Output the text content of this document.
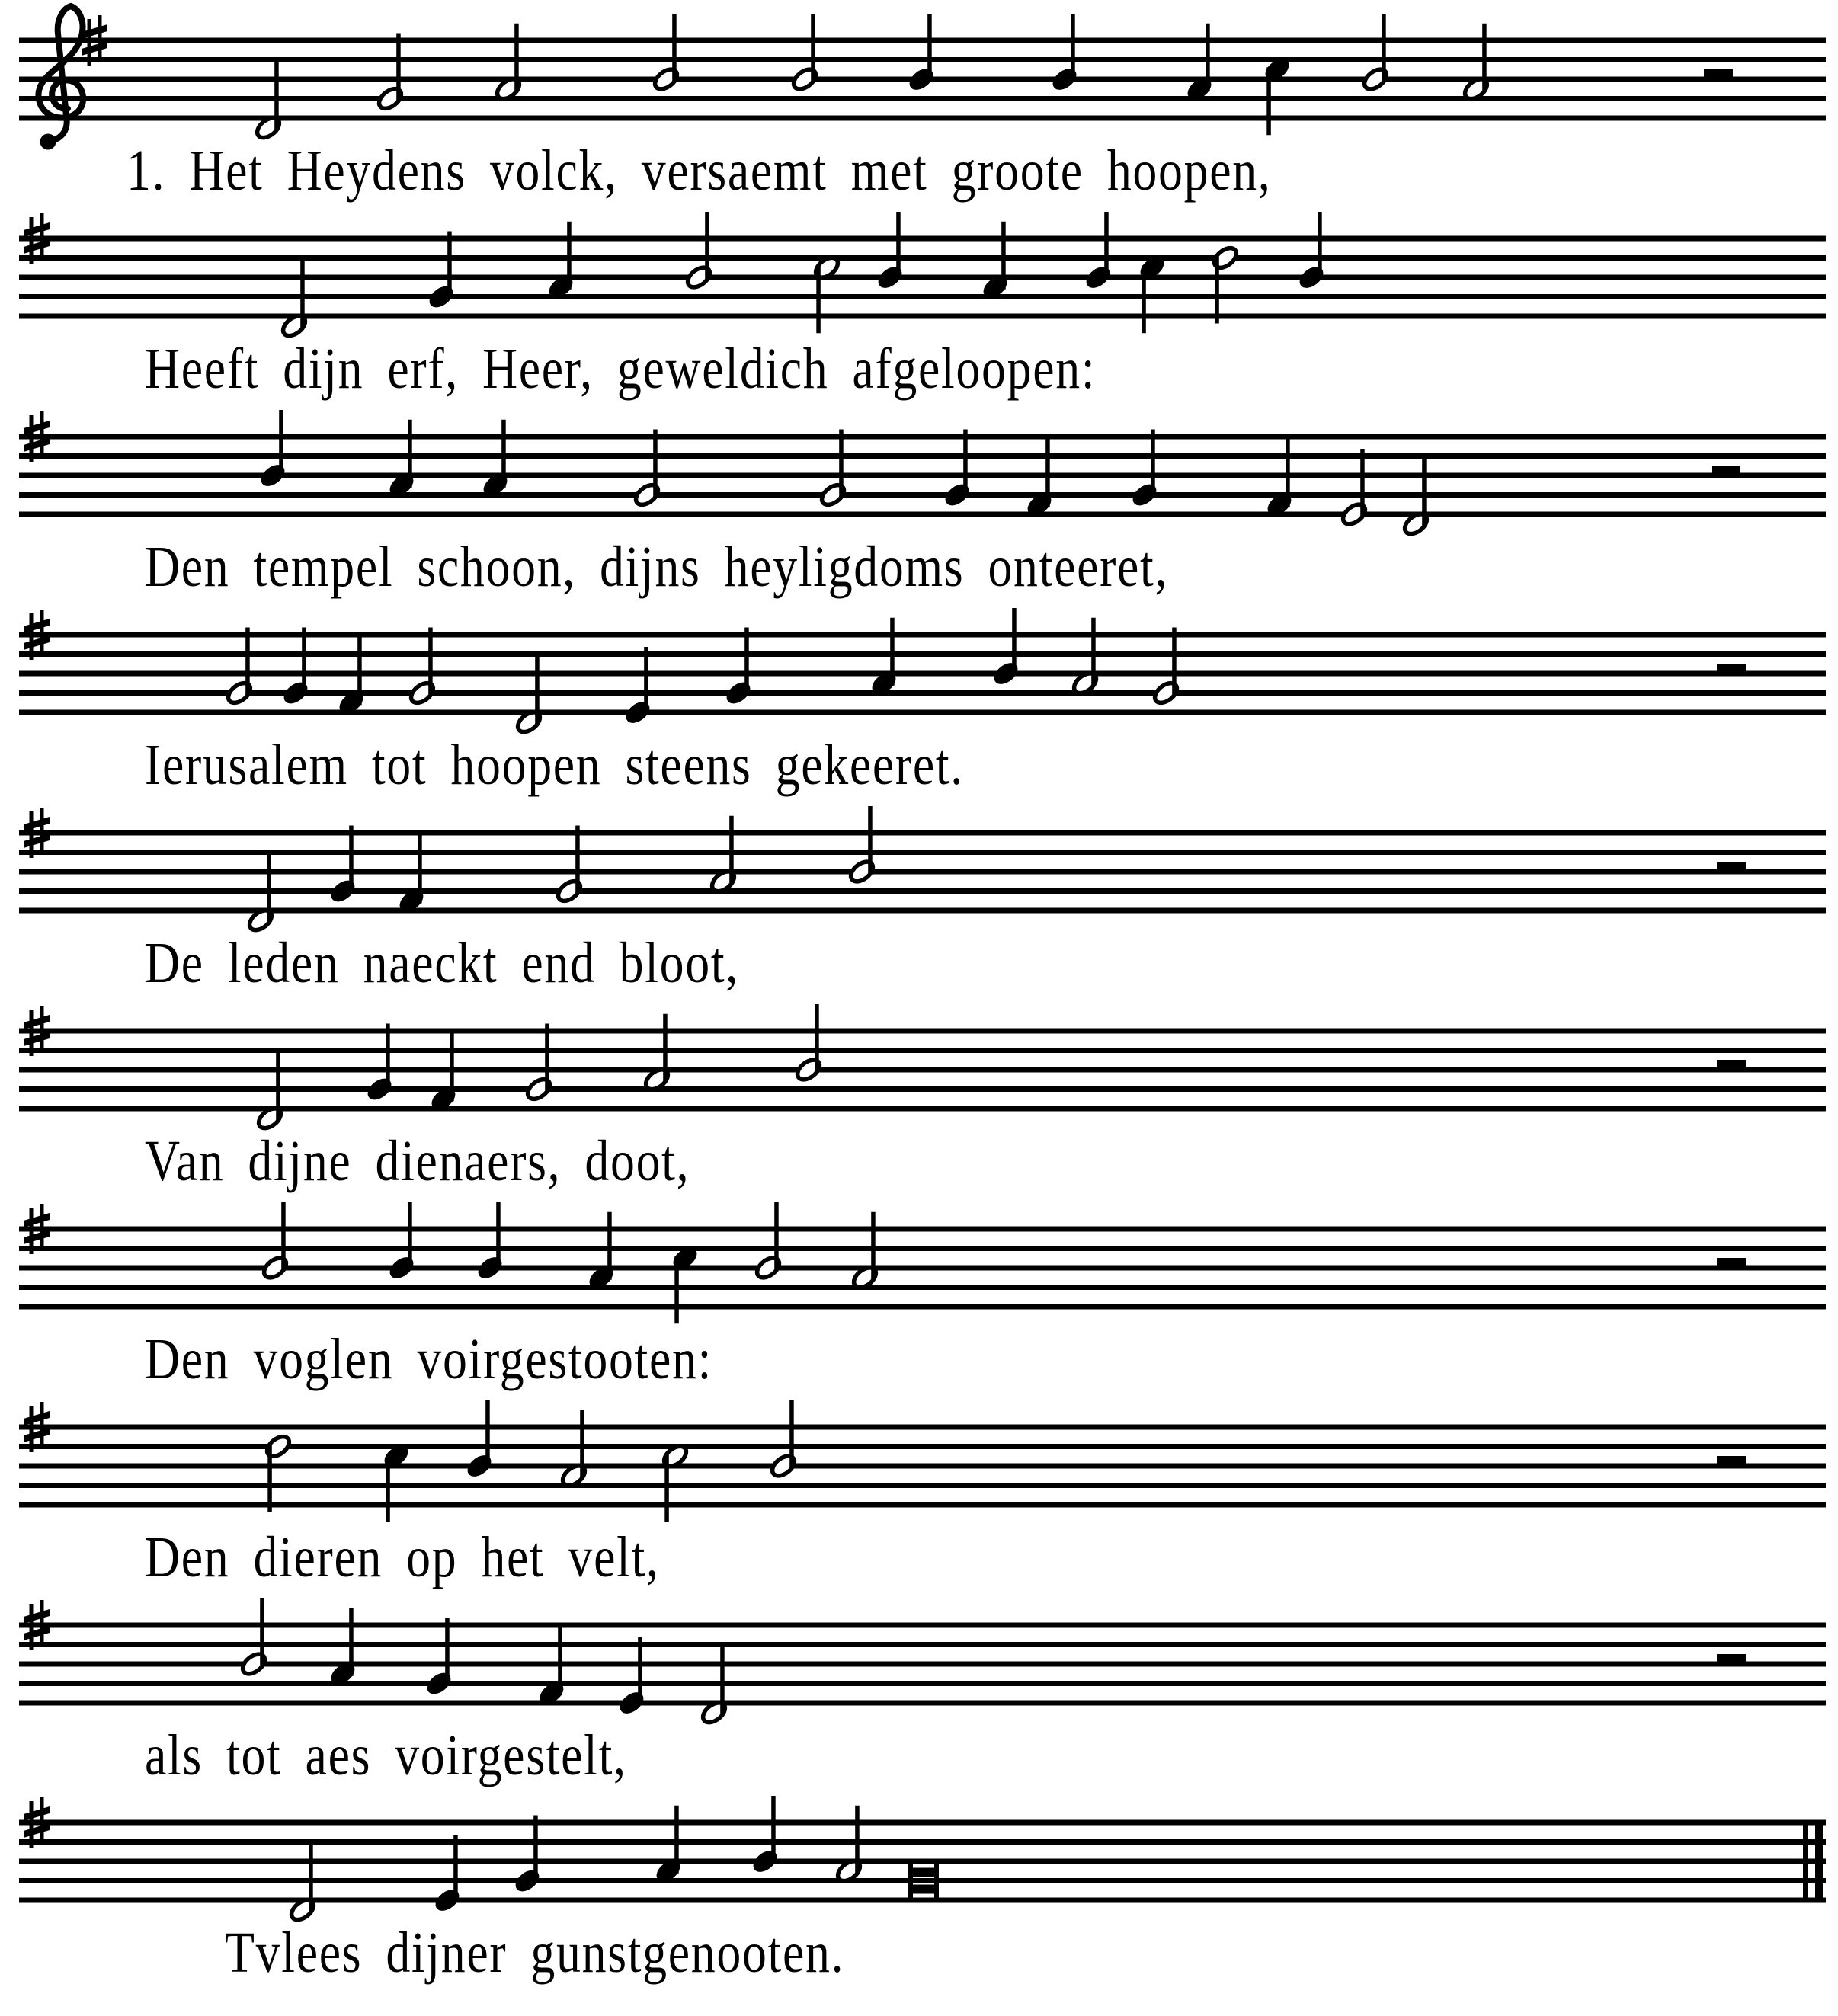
1. Het Heydens volck, versaemt met groote hoopen,
Heeft dijn erf, Heer, geweldich afgeloopen:
Den tempel schoon, dijns heyligdoms onteeret,
Ierusalem tot hoopen steens gekeeret.
De leden naeckt end bloot,
Van dijne dienaers, doot,
Den voglen voirgestooten:
Den dieren op het velt,
als tot aes voirgestelt,
Tvlees dijner gunstgenooten.
